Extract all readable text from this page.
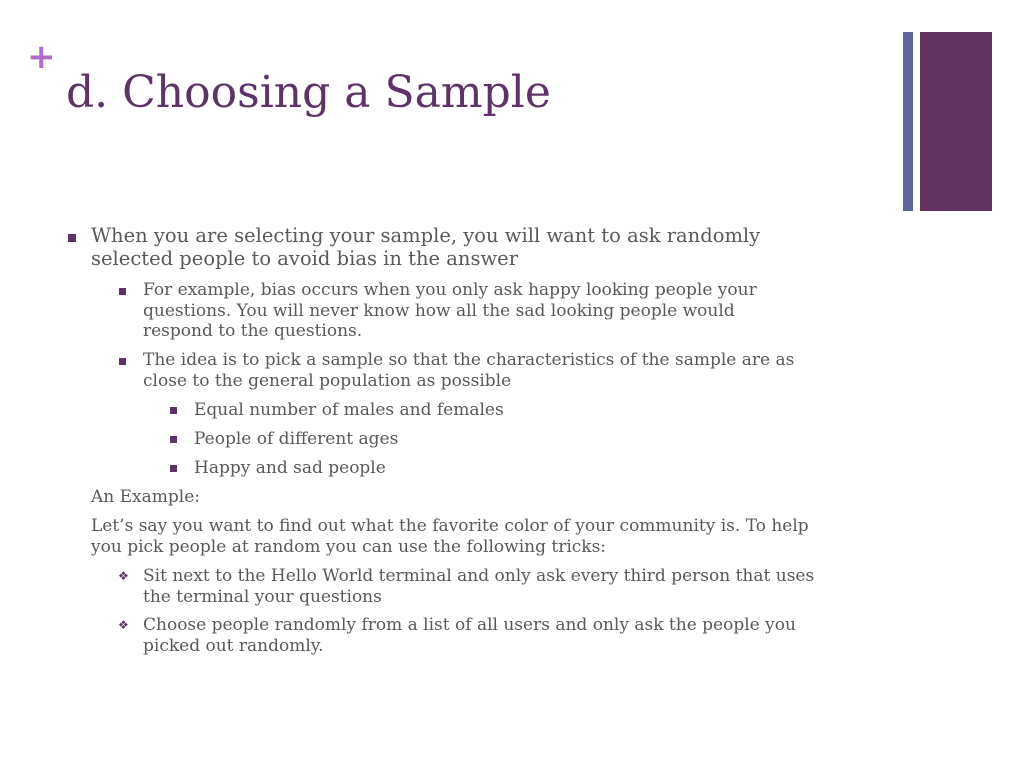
+
d. Choosing a Sample

When you are selecting your sample, you will want to ask randomly
selected people to avoid bias in the answer

For example, bias occurs when you only ask happy looking people your
questions. You will never know how all the sad looking people would
respond to the questions.

The idea is to pick a sample so that the characteristics of the sample are as
close to the general population as possible

Equal number of males and females

People of different ages

Happy and sad people

An Example:

Let’s say you want to find out what the favorite color of your community is. To help
you pick people at random you can use the following tricks:

❖ Sit next to the Hello World terminal and only ask every third person that uses
the terminal your questions

❖ Choose people randomly from a list of all users and only ask the people you
picked out randomly.
